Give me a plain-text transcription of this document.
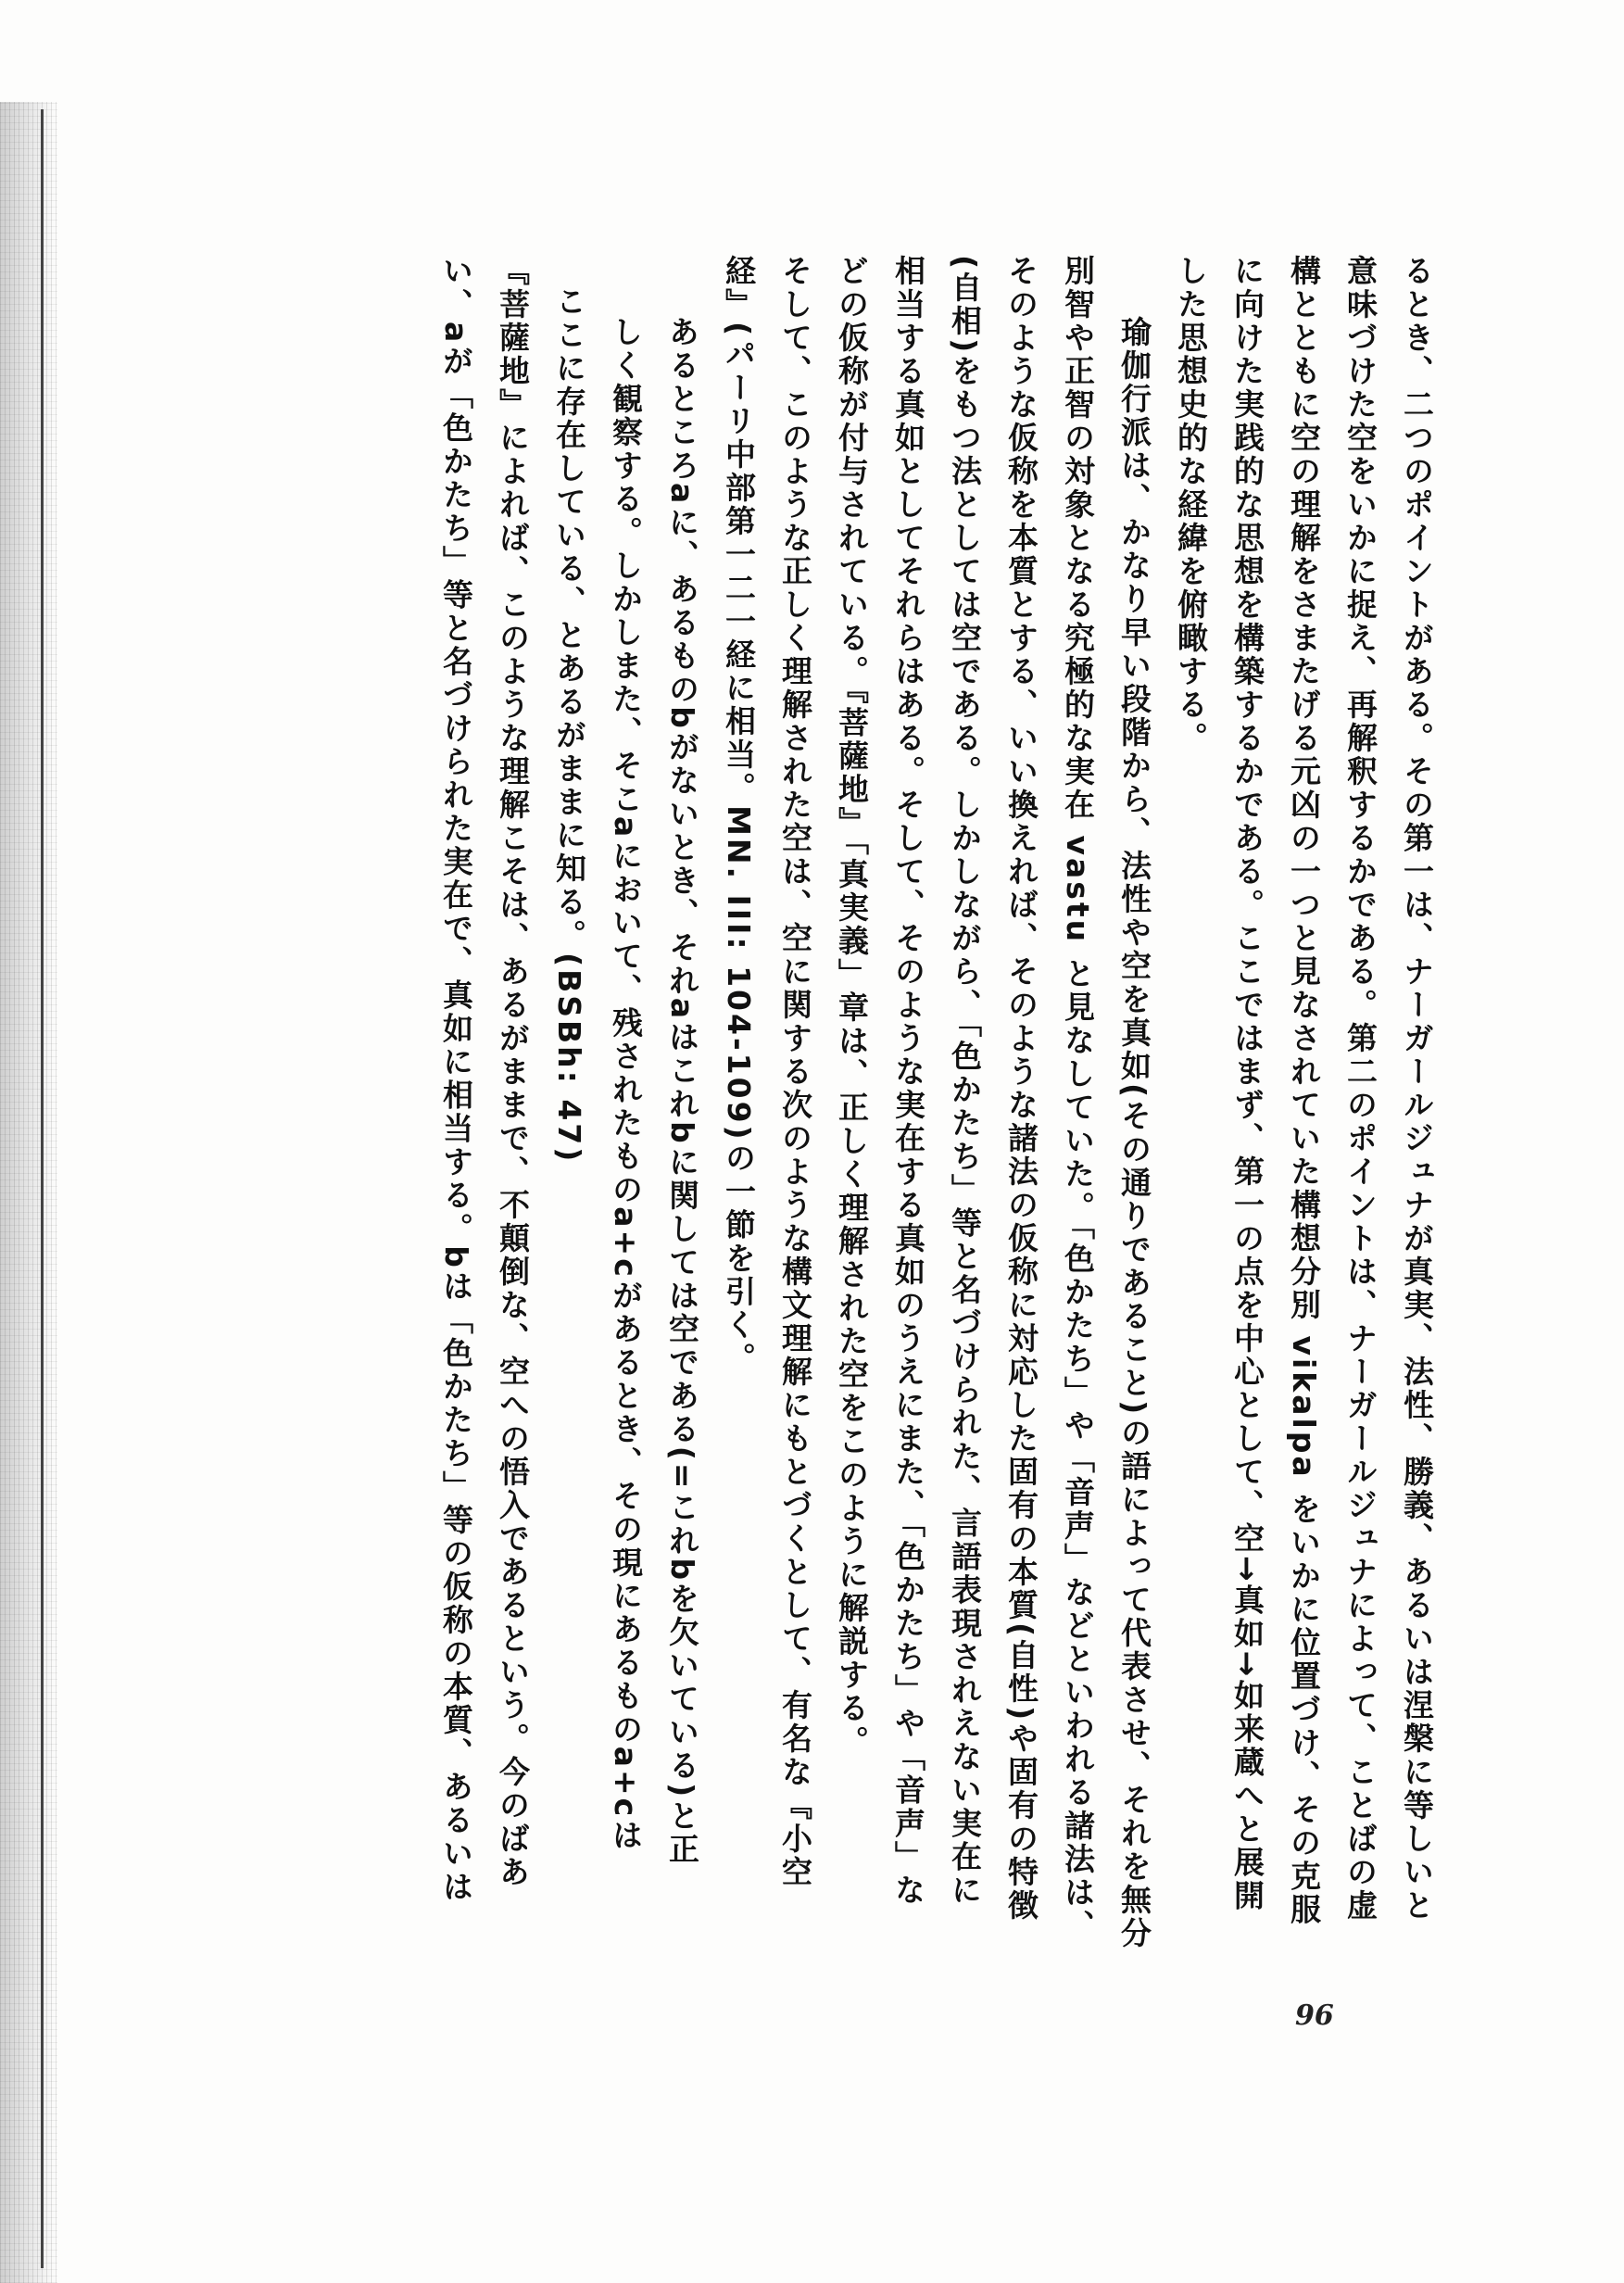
るとき、二つのポイントがある。その第一は、ナーガールジュナが真実、法性、勝義、あるいは涅槃に等しいと
意味づけた空をいかに捉え、再解釈するかである。第二のポイントは、ナーガールジュナによって、ことばの虚
構とともに空の理解をさまたげる元凶の一つと見なされていた構想分別 vikalpa をいかに位置づけ、その克服
に向けた実践的な思想を構築するかである。ここではまず、第一の点を中心として、空→真如→如来蔵へと展開
した思想史的な経緯を俯瞰する。
瑜伽行派は、かなり早い段階から、法性や空を真如(その通りであること)の語によって代表させ、それを無分
別智や正智の対象となる究極的な実在 vastu と見なしていた。「色かたち」や「音声」などといわれる諸法は、
そのような仮称を本質とする、いい換えれば、そのような諸法の仮称に対応した固有の本質(自性)や固有の特徴
(自相)をもつ法としては空である。しかしながら、「色かたち」等と名づけられた、言語表現されえない実在に
相当する真如としてそれらはある。そして、そのような実在する真如のうえにまた、「色かたち」や「音声」な
どの仮称が付与されている。『菩薩地』「真実義」章は、正しく理解された空をこのように解説する。
そして、このような正しく理解された空は、空に関する次のような構文理解にもとづくとして、有名な『小空
経』(パーリ中部第一二一経に相当。MN. III: 104-109)の一節を引く。
あるところaに、あるものbがないとき、それaはこれbに関しては空である(=これbを欠いている)と正
しく観察する。しかしまた、そこaにおいて、残されたものa+cがあるとき、その現にあるものa+cは
ここに存在している、とあるがままに知る。(BSBh: 47)
『菩薩地』によれば、このような理解こそは、あるがままで、不顛倒な、空への悟入であるという。今のばあ
い、aが「色かたち」等と名づけられた実在で、真如に相当する。bは「色かたち」等の仮称の本質、あるいは
96
